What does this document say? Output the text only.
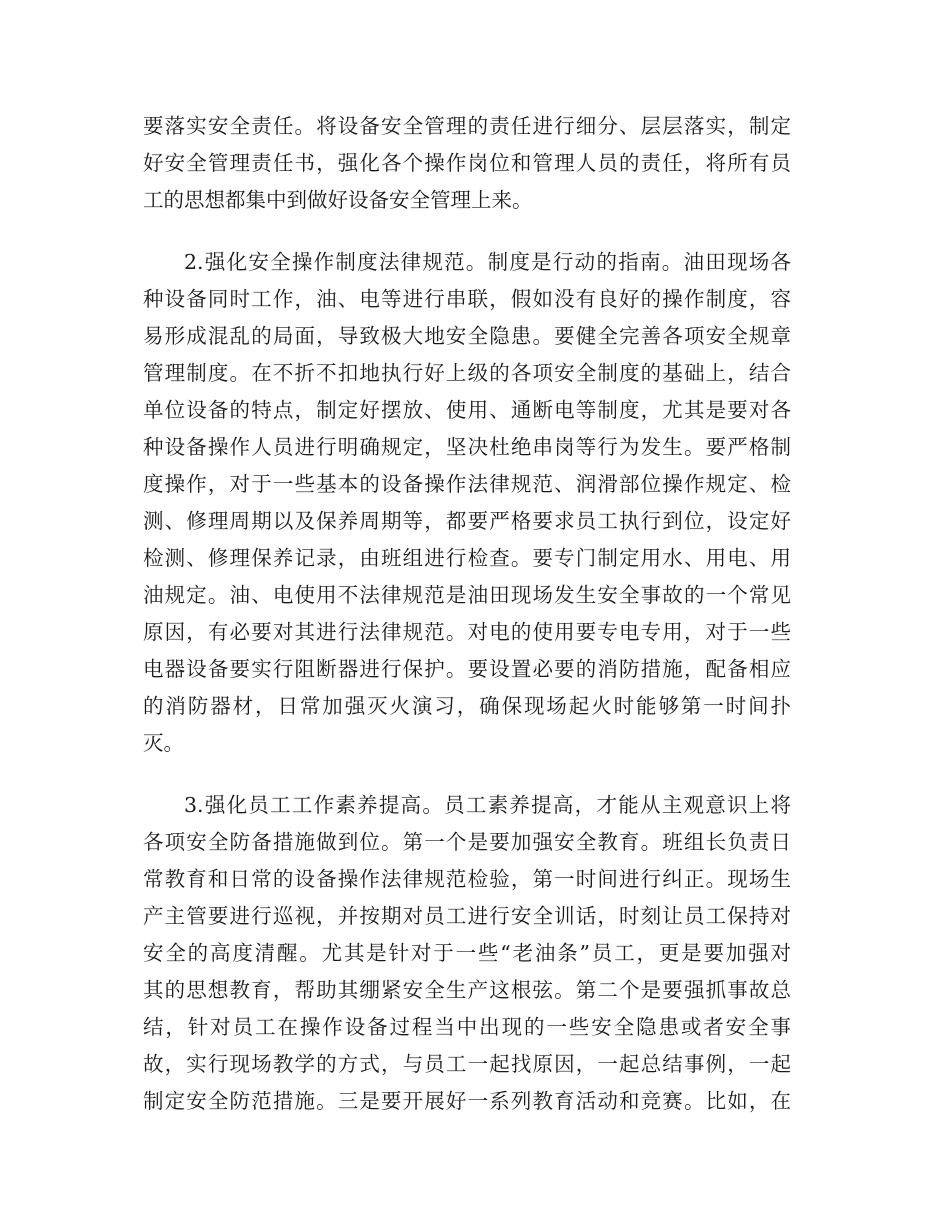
要落实安全责任。将设备安全管理的责任进行细分、层层落实，制定
好安全管理责任书，强化各个操作岗位和管理人员的责任，将所有员
工的思想都集中到做好设备安全管理上来。
2.强化安全操作制度法律规范。制度是行动的指南。油田现场各
种设备同时工作，油、电等进行串联，假如没有良好的操作制度，容
易形成混乱的局面，导致极大地安全隐患。要健全完善各项安全规章
管理制度。在不折不扣地执行好上级的各项安全制度的基础上，结合
单位设备的特点，制定好摆放、使用、通断电等制度，尤其是要对各
种设备操作人员进行明确规定，坚决杜绝串岗等行为发生。要严格制
度操作，对于一些基本的设备操作法律规范、润滑部位操作规定、检
测、修理周期以及保养周期等，都要严格要求员工执行到位，设定好
检测、修理保养记录，由班组进行检查。要专门制定用水、用电、用
油规定。油、电使用不法律规范是油田现场发生安全事故的一个常见
原因，有必要对其进行法律规范。对电的使用要专电专用，对于一些
电器设备要实行阻断器进行保护。要设置必要的消防措施，配备相应
的消防器材，日常加强灭火演习，确保现场起火时能够第一时间扑
灭。
3.强化员工工作素养提高。员工素养提高，才能从主观意识上将
各项安全防备措施做到位。第一个是要加强安全教育。班组长负责日
常教育和日常的设备操作法律规范检验，第一时间进行纠正。现场生
产主管要进行巡视，并按期对员工进行安全训话，时刻让员工保持对
安全的高度清醒。尤其是针对于一些“老油条”员工，更是要加强对
其的思想教育，帮助其绷紧安全生产这根弦。第二个是要强抓事故总
结，针对员工在操作设备过程当中出现的一些安全隐患或者安全事
故，实行现场教学的方式，与员工一起找原因，一起总结事例，一起
制定安全防范措施。三是要开展好一系列教育活动和竞赛。比如，在
